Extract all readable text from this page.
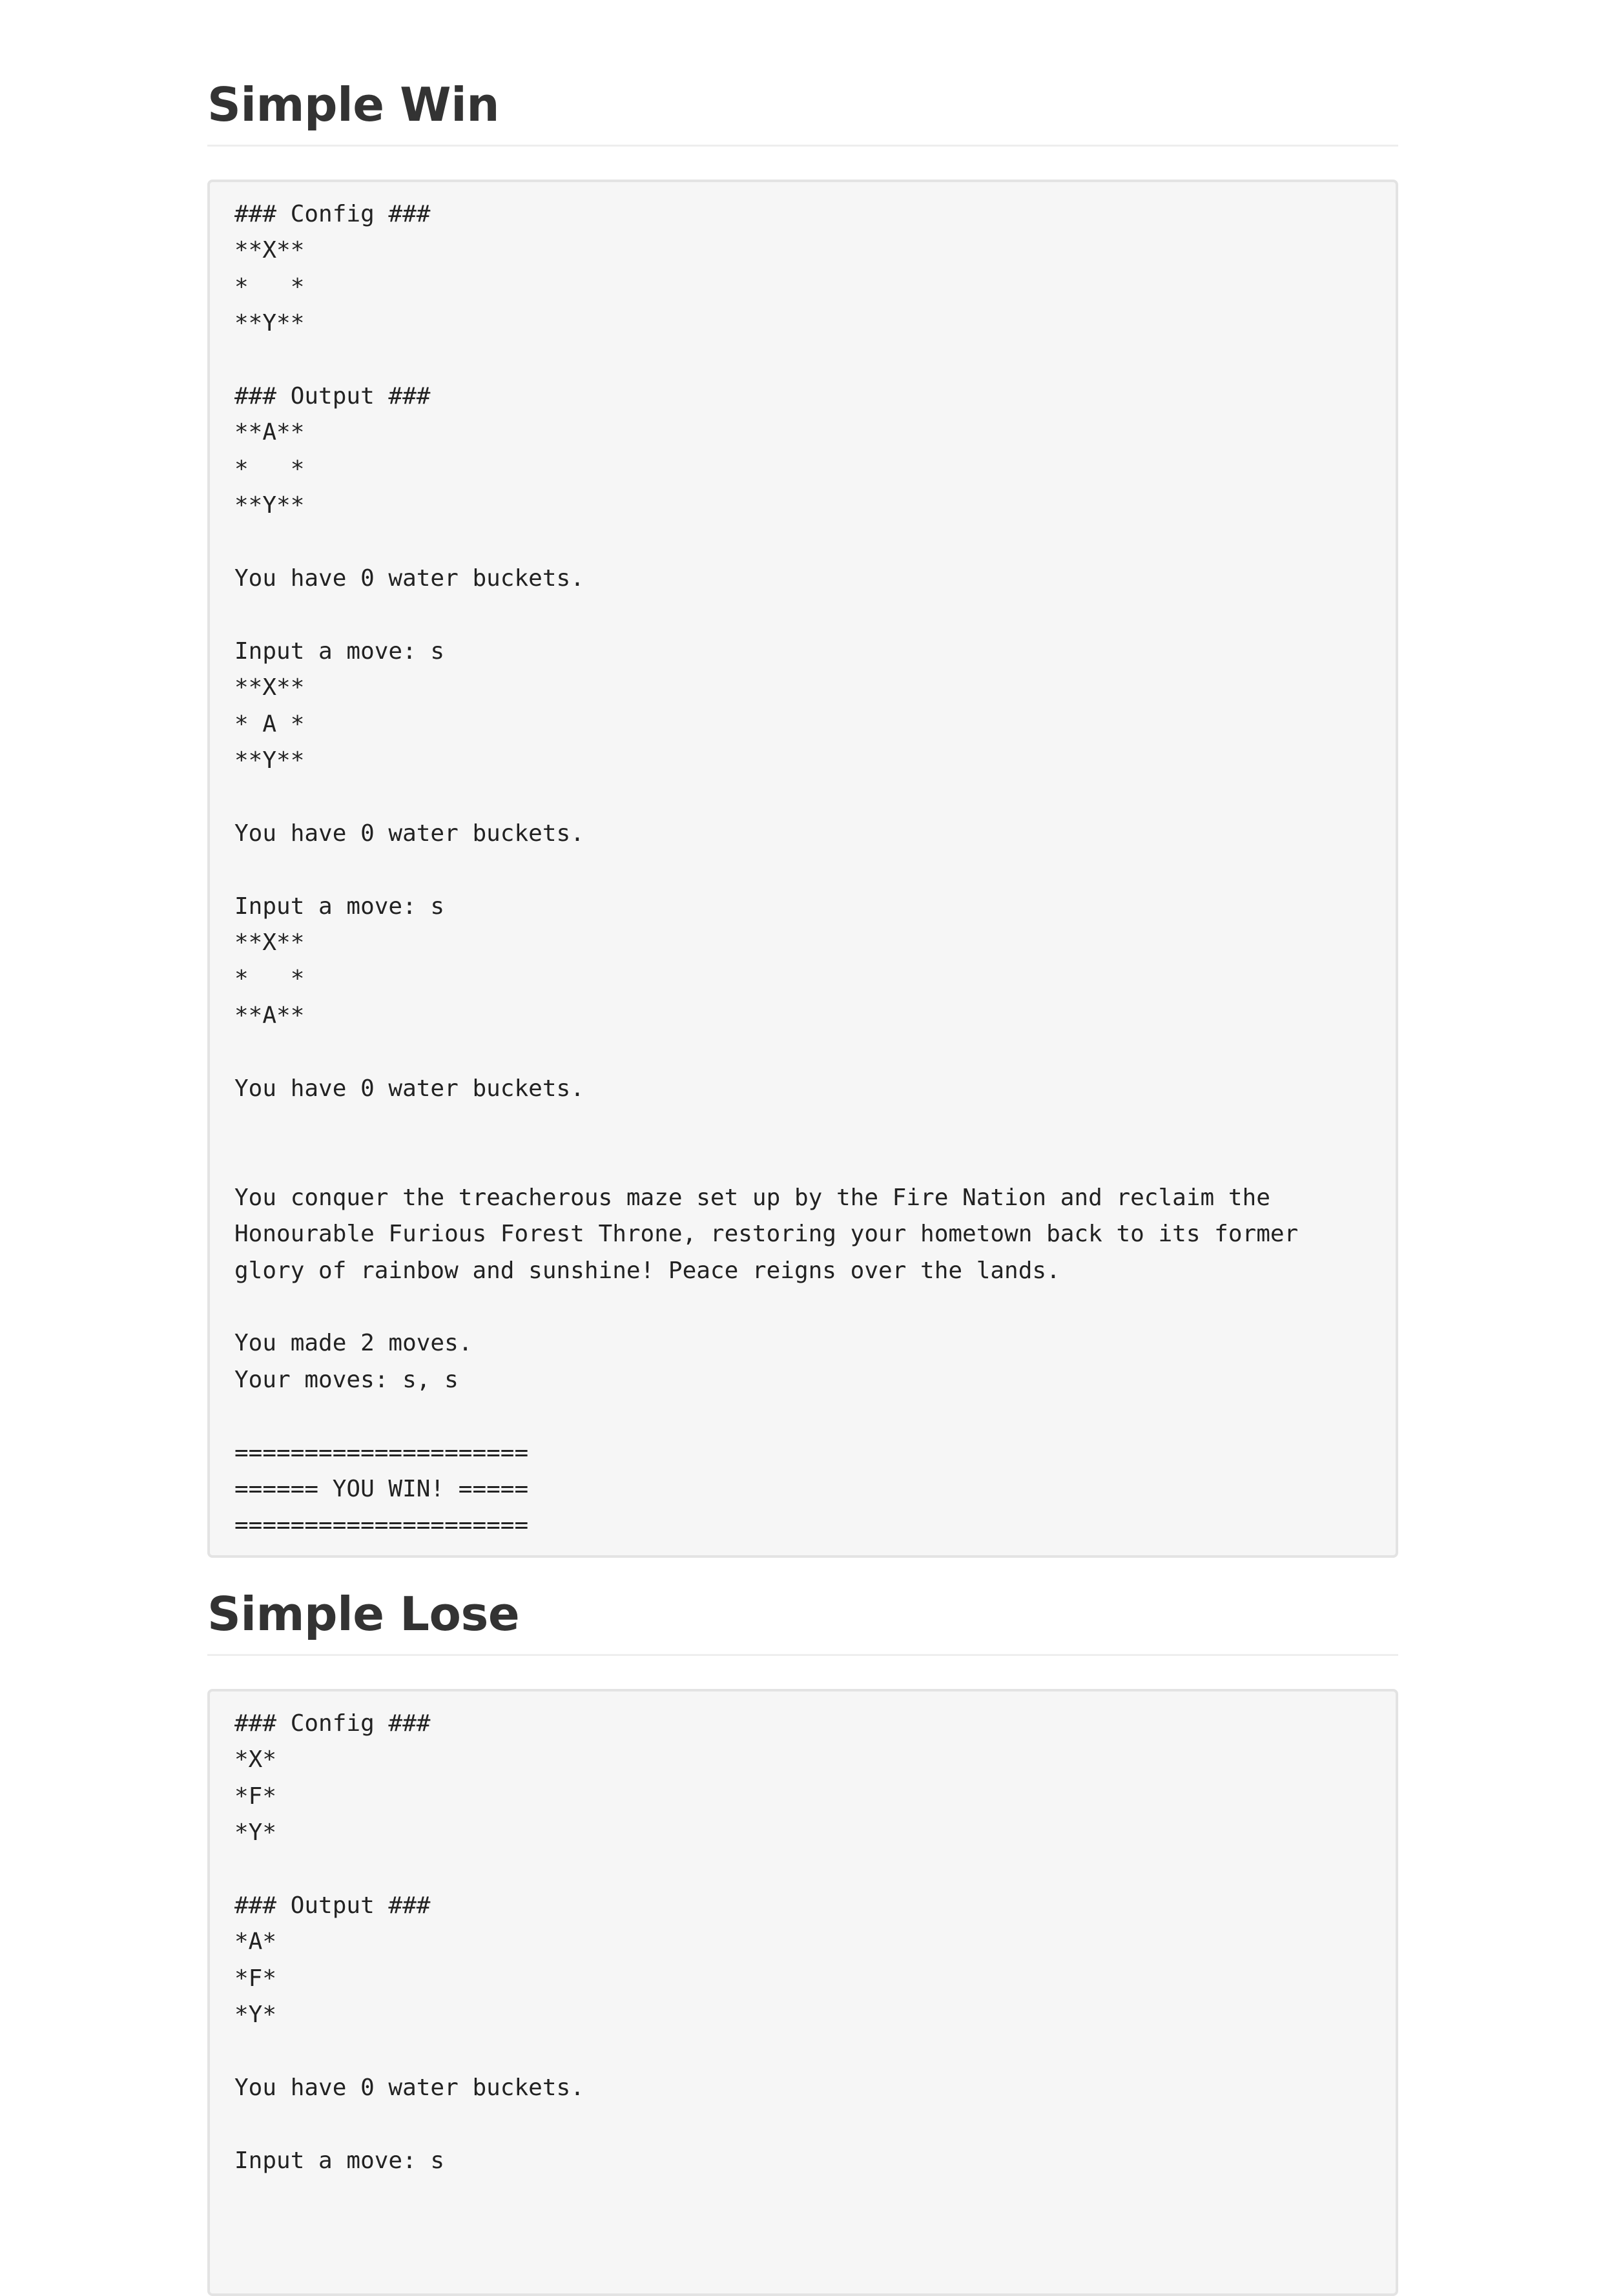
Simple Win
### Config ###
**X**
*   *
**Y**
### Output ###
**A**
*   *
**Y**
You have 0 water buckets.
Input a move: s
**X**
* A *
**Y**
You have 0 water buckets.
Input a move: s
**X**
*   *
**A**
You have 0 water buckets.
You conquer the treacherous maze set up by the Fire Nation and reclaim the
Honourable Furious Forest Throne, restoring your hometown back to its former
glory of rainbow and sunshine! Peace reigns over the lands.
You made 2 moves.
Your moves: s, s
=====================
====== YOU WIN! =====
=====================
Simple Lose
### Config ###
*X*
*F*
*Y*
### Output ###
*A*
*F*
*Y*
You have 0 water buckets.
Input a move: s
